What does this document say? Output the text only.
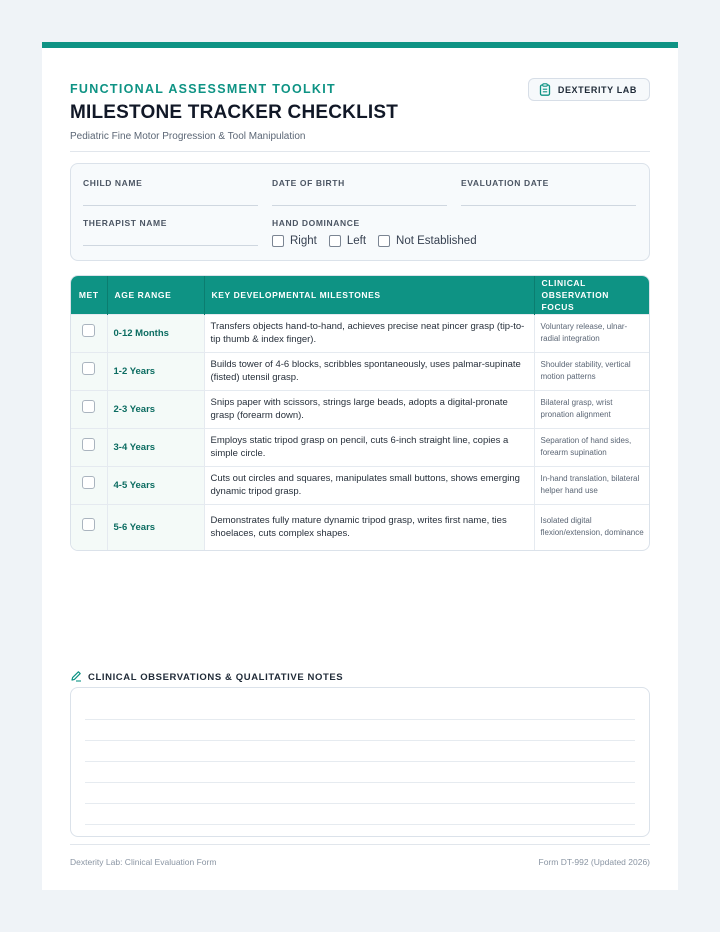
FUNCTIONAL ASSESSMENT TOOLKIT
MILESTONE TRACKER CHECKLIST
Pediatric Fine Motor Progression & Tool Manipulation
DEXTERITY LAB
CHILD NAME	DATE OF BIRTH	EVALUATION DATE
THERAPIST NAME	HAND DOMINANCE
Right	Left	Not Established
MET	AGE RANGE	KEY DEVELOPMENTAL MILESTONES	CLINICAL OBSERVATION FOCUS
	0-12 Months	Transfers objects hand-to-hand, achieves precise neat pincer grasp (tip-to-tip thumb & index finger).	Voluntary release, ulnar-radial integration
	1-2 Years	Builds tower of 4-6 blocks, scribbles spontaneously, uses palmar-supinate (fisted) utensil grasp.	Shoulder stability, vertical motion patterns
	2-3 Years	Snips paper with scissors, strings large beads, adopts a digital-pronate grasp (forearm down).	Bilateral grasp, wrist pronation alignment
	3-4 Years	Employs static tripod grasp on pencil, cuts 6-inch straight line, copies a simple circle.	Separation of hand sides, forearm supination
	4-5 Years	Cuts out circles and squares, manipulates small buttons, shows emerging dynamic tripod grasp.	In-hand translation, bilateral helper hand use
	5-6 Years	Demonstrates fully mature dynamic tripod grasp, writes first name, ties shoelaces, cuts complex shapes.	Isolated digital flexion/extension, dominance
CLINICAL OBSERVATIONS & QUALITATIVE NOTES
Dexterity Lab: Clinical Evaluation Form	Form DT-992 (Updated 2026)
